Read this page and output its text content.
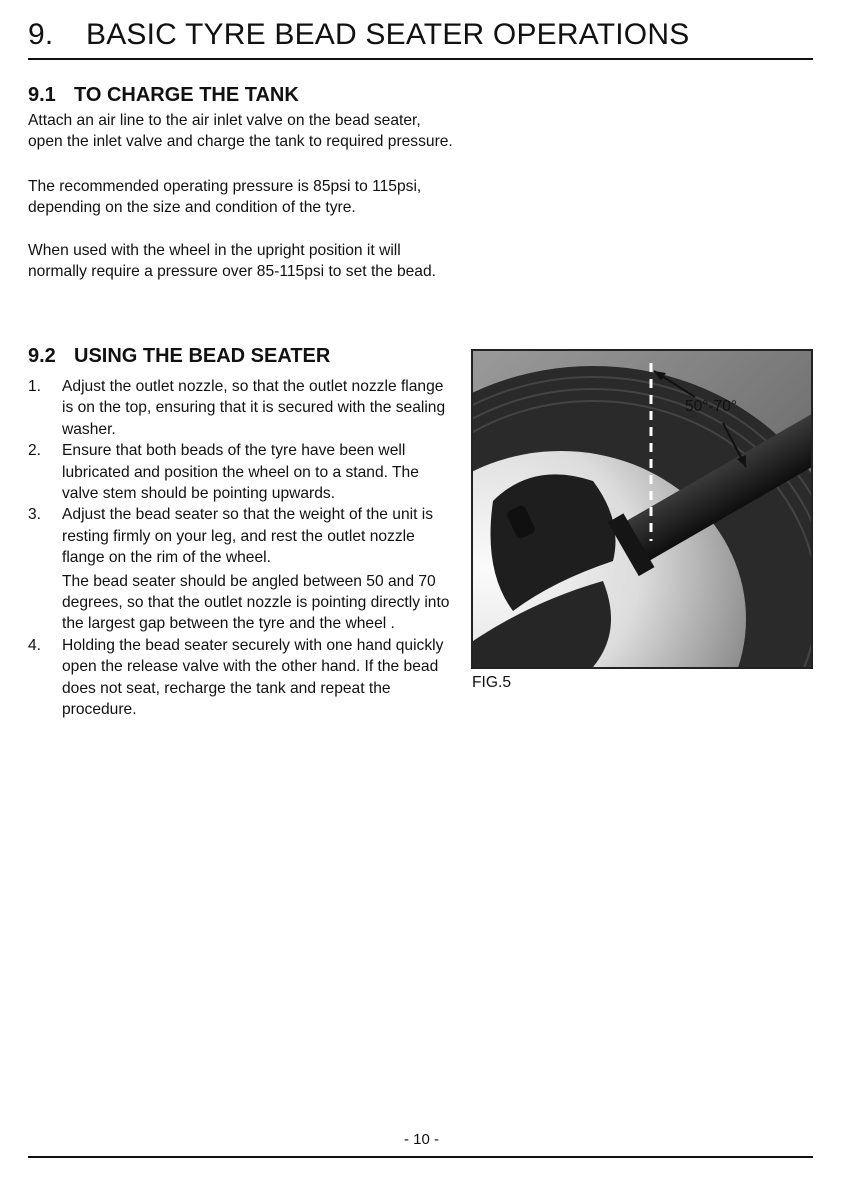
9. BASIC TYRE BEAD SEATER OPERATIONS
9.1 TO CHARGE THE TANK

Attach an air line to the air inlet valve on the bead seater, open the inlet valve and charge the tank to required pressure.

The recommended operating pressure is 85psi to 115psi, depending on the size and condition of the tyre.

When used with the wheel in the upright position it will normally require a pressure over 85-115psi to set the bead.

9.2 USING THE BEAD SEATER
1. Adjust the outlet nozzle, so that the outlet nozzle flange is on the top, ensuring that it is secured with the sealing washer.

2. Ensure that both beads of the tyre have been well lubricated and position the wheel on to a stand. The valve stem should be pointing upwards.

3. Adjust the bead seater so that the weight of the unit is resting firmly on your leg, and rest the outlet nozzle flange on the rim of the wheel.

The bead seater should be angled between 50 and 70 degrees, so that the outlet nozzle is pointing directly into the largest gap between the tyre and the wheel .

4. Holding the bead seater securely with one hand quickly open the release valve with the other hand. If the bead does not seat, recharge the tank and repeat the procedure.

50°-70°
FIG.5
- 10 -
